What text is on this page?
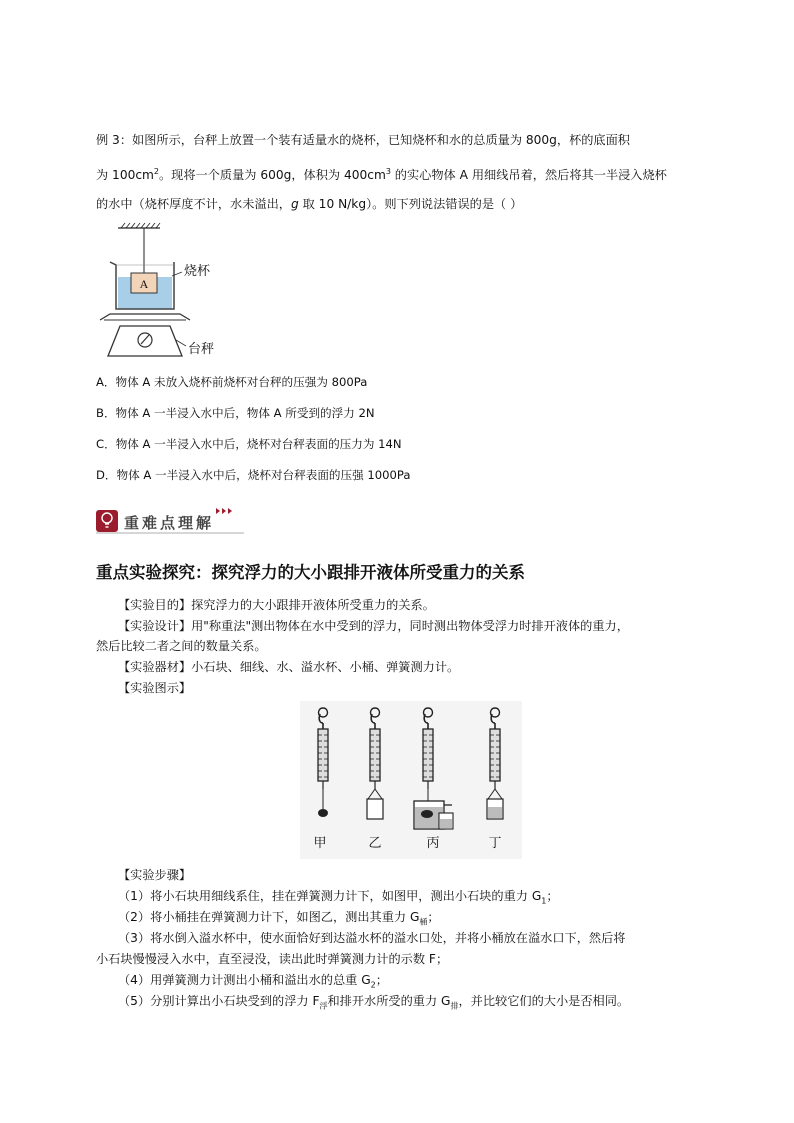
例 3：如图所示，台秤上放置一个装有适量水的烧杯，已知烧杯和水的总质量为 800g，杯的底面积
为 $100cm^2$。现将一个质量为 600g，体积为 $400cm^3$ 的实心物体 A 用细线吊着，然后将其一半浸入烧杯
的水中（烧杯厚度不计，水未溢出，g 取 10 N/kg）。则下列说法错误的是（ ）
A
烧杯
台秤
A．物体 A 未放入烧杯前烧杯对台秤的压强为 800Pa
B．物体 A 一半浸入水中后，物体 A 所受到的浮力 2N
C．物体 A 一半浸入水中后，烧杯对台秤表面的压力为 14N
D．物体 A 一半浸入水中后，烧杯对台秤表面的压强 1000Pa
重难点理解
重点实验探究：探究浮力的大小跟排开液体所受重力的关系
【实验目的】探究浮力的大小跟排开液体所受重力的关系。
【实验设计】用"称重法"测出物体在水中受到的浮力，同时测出物体受浮力时排开液体的重力，
然后比较二者之间的数量关系。
【实验器材】小石块、细线、水、溢水杯、小桶、弹簧测力计。
【实验图示】
甲	乙	丙	丁
【实验步骤】
（1）将小石块用细线系住，挂在弹簧测力计下，如图甲，测出小石块的重力 $G_1$；
（2）将小桶挂在弹簧测力计下，如图乙，测出其重力 $G_桶$；
（3）将水倒入溢水杯中，使水面恰好到达溢水杯的溢水口处，并将小桶放在溢水口下，然后将
小石块慢慢浸入水中，直至浸没，读出此时弹簧测力计的示数 F；
（4）用弹簧测力计测出小桶和溢出水的总重 $G_2$；
（5）分别计算出小石块受到的浮力 $F_浮$和排开水所受的重力 $G_排$，并比较它们的大小是否相同。
